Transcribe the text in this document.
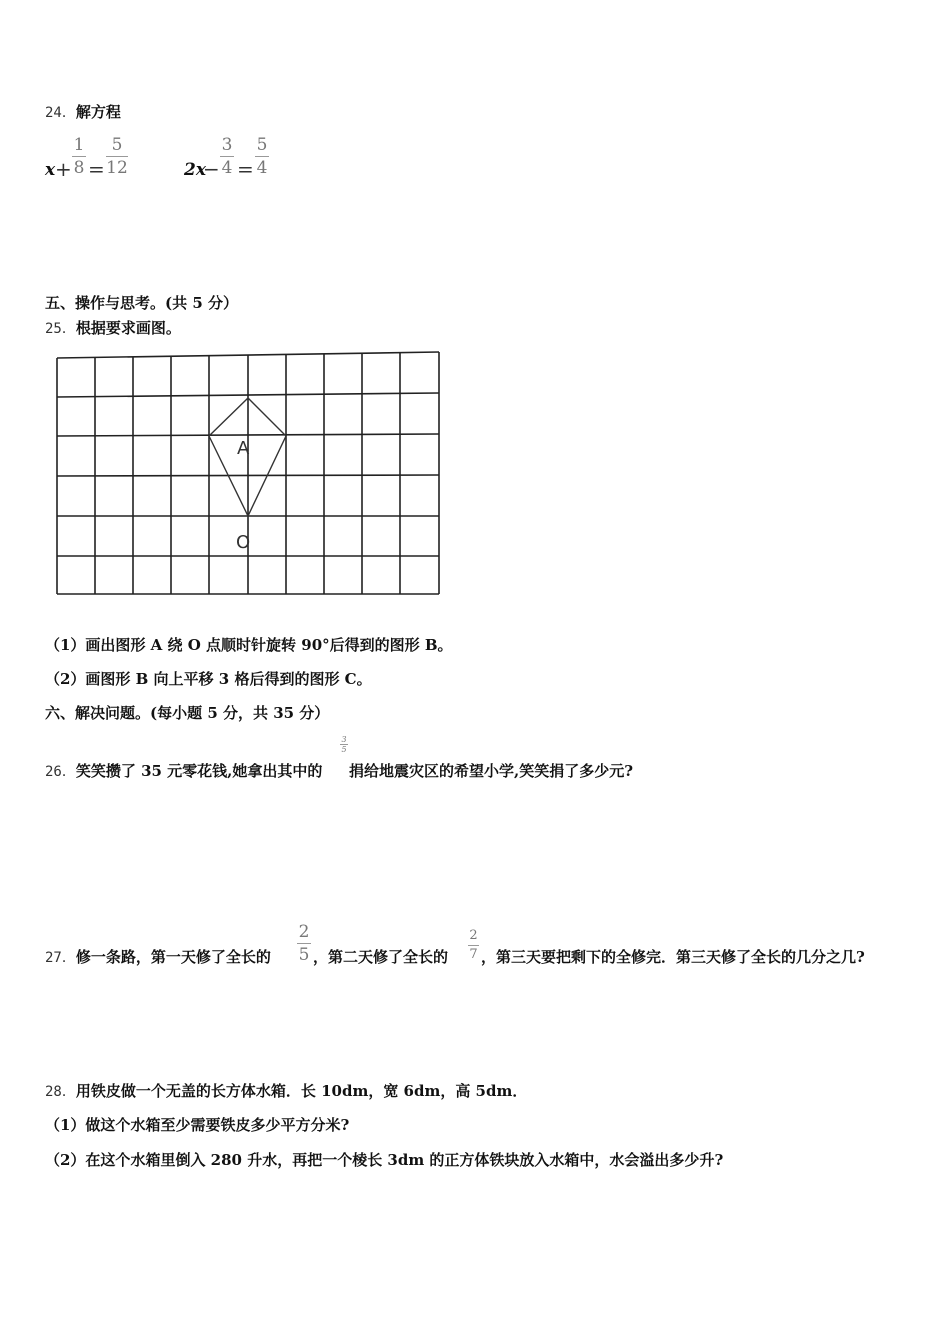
24．解方程
x +
1
8 =
5
12	2x
−
3
4 =
5
4
五、操作与思考。(共 5 分）
25．根据要求画图。
A
O
（1）画出图形 A 绕 O 点顺时针旋转 90°后得到的图形 B。
（2）画图形 B 向上平移 3 格后得到的图形 C。
六、解决问题。(每小题 5 分，共 35 分）
26．笑笑攒了 35 元零花钱,她拿出其中的
3
5
捐给地震灾区的希望小学,笑笑捐了多少元?
27．修一条路，第一天修了全长的
2
5 ，第二天修了全长的
2
7 ，第三天要把剩下的全修完．第三天修了全长的几分之几?
28．用铁皮做一个无盖的长方体水箱．长 10dm，宽 6dm，高 5dm．
（1）做这个水箱至少需要铁皮多少平方分米?
（2）在这个水箱里倒入 280 升水，再把一个棱长 3dm 的正方体铁块放入水箱中，水会溢出多少升?
